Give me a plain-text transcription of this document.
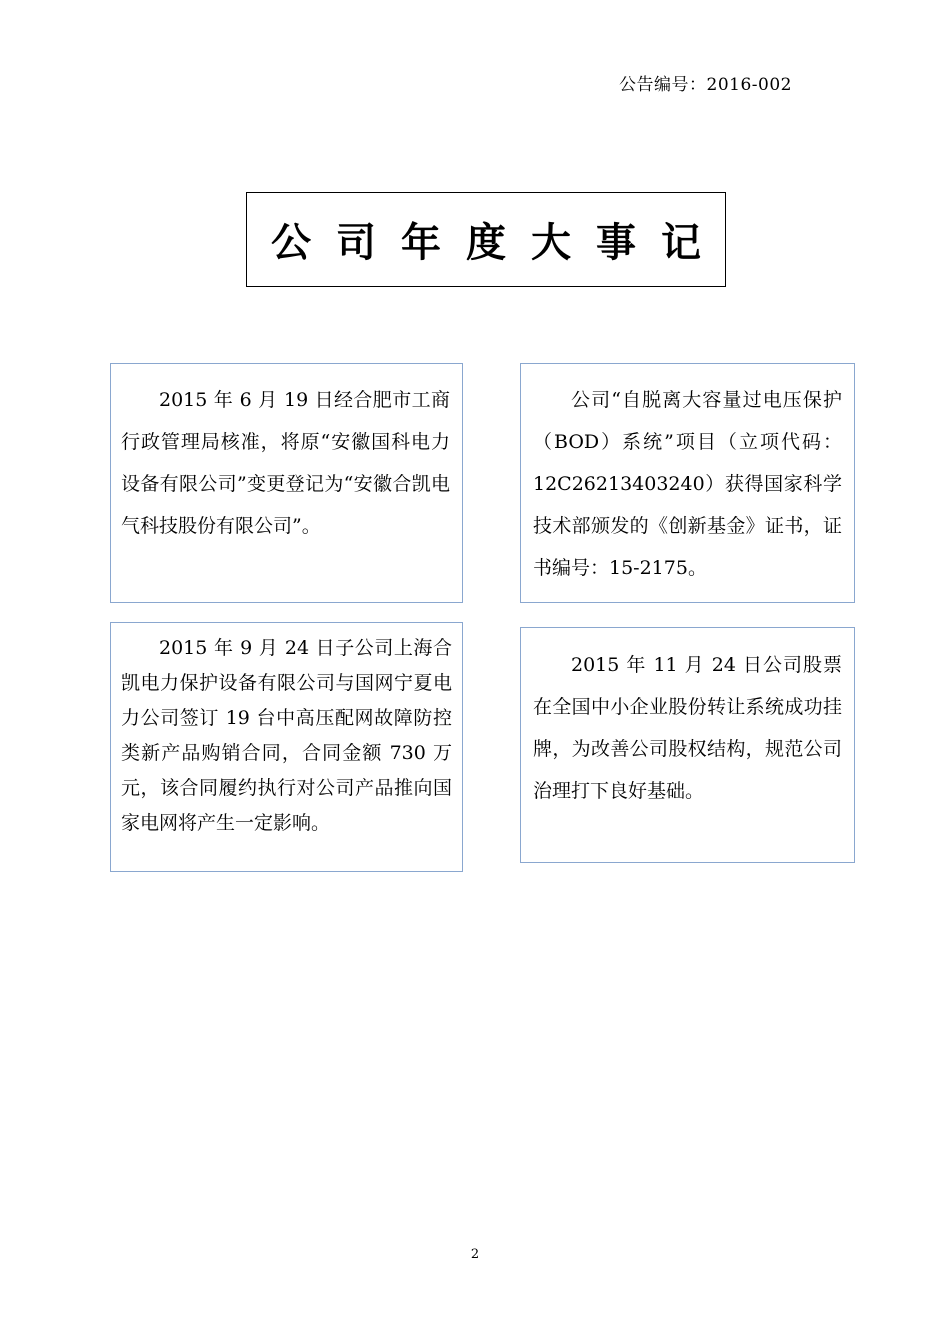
公告编号：2016-002
公司年度大事记
2015 年 6 月 19 日经合肥市工商行政管理局核准，将原“安徽国科电力设备有限公司”变更登记为“安徽合凯电气科技股份有限公司”。
公司“自脱离大容量过电压保护（BOD）系统”项目（立项代码：12C26213403240）获得国家科学技术部颁发的《创新基金》证书，证书编号：15-2175。
2015 年 9 月 24 日子公司上海合凯电力保护设备有限公司与国网宁夏电力公司签订 19 台中高压配网故障防控类新产品购销合同，合同金额 730 万元，该合同履约执行对公司产品推向国家电网将产生一定影响。
2015 年 11 月 24 日公司股票在全国中小企业股份转让系统成功挂牌，为改善公司股权结构，规范公司治理打下良好基础。
2
